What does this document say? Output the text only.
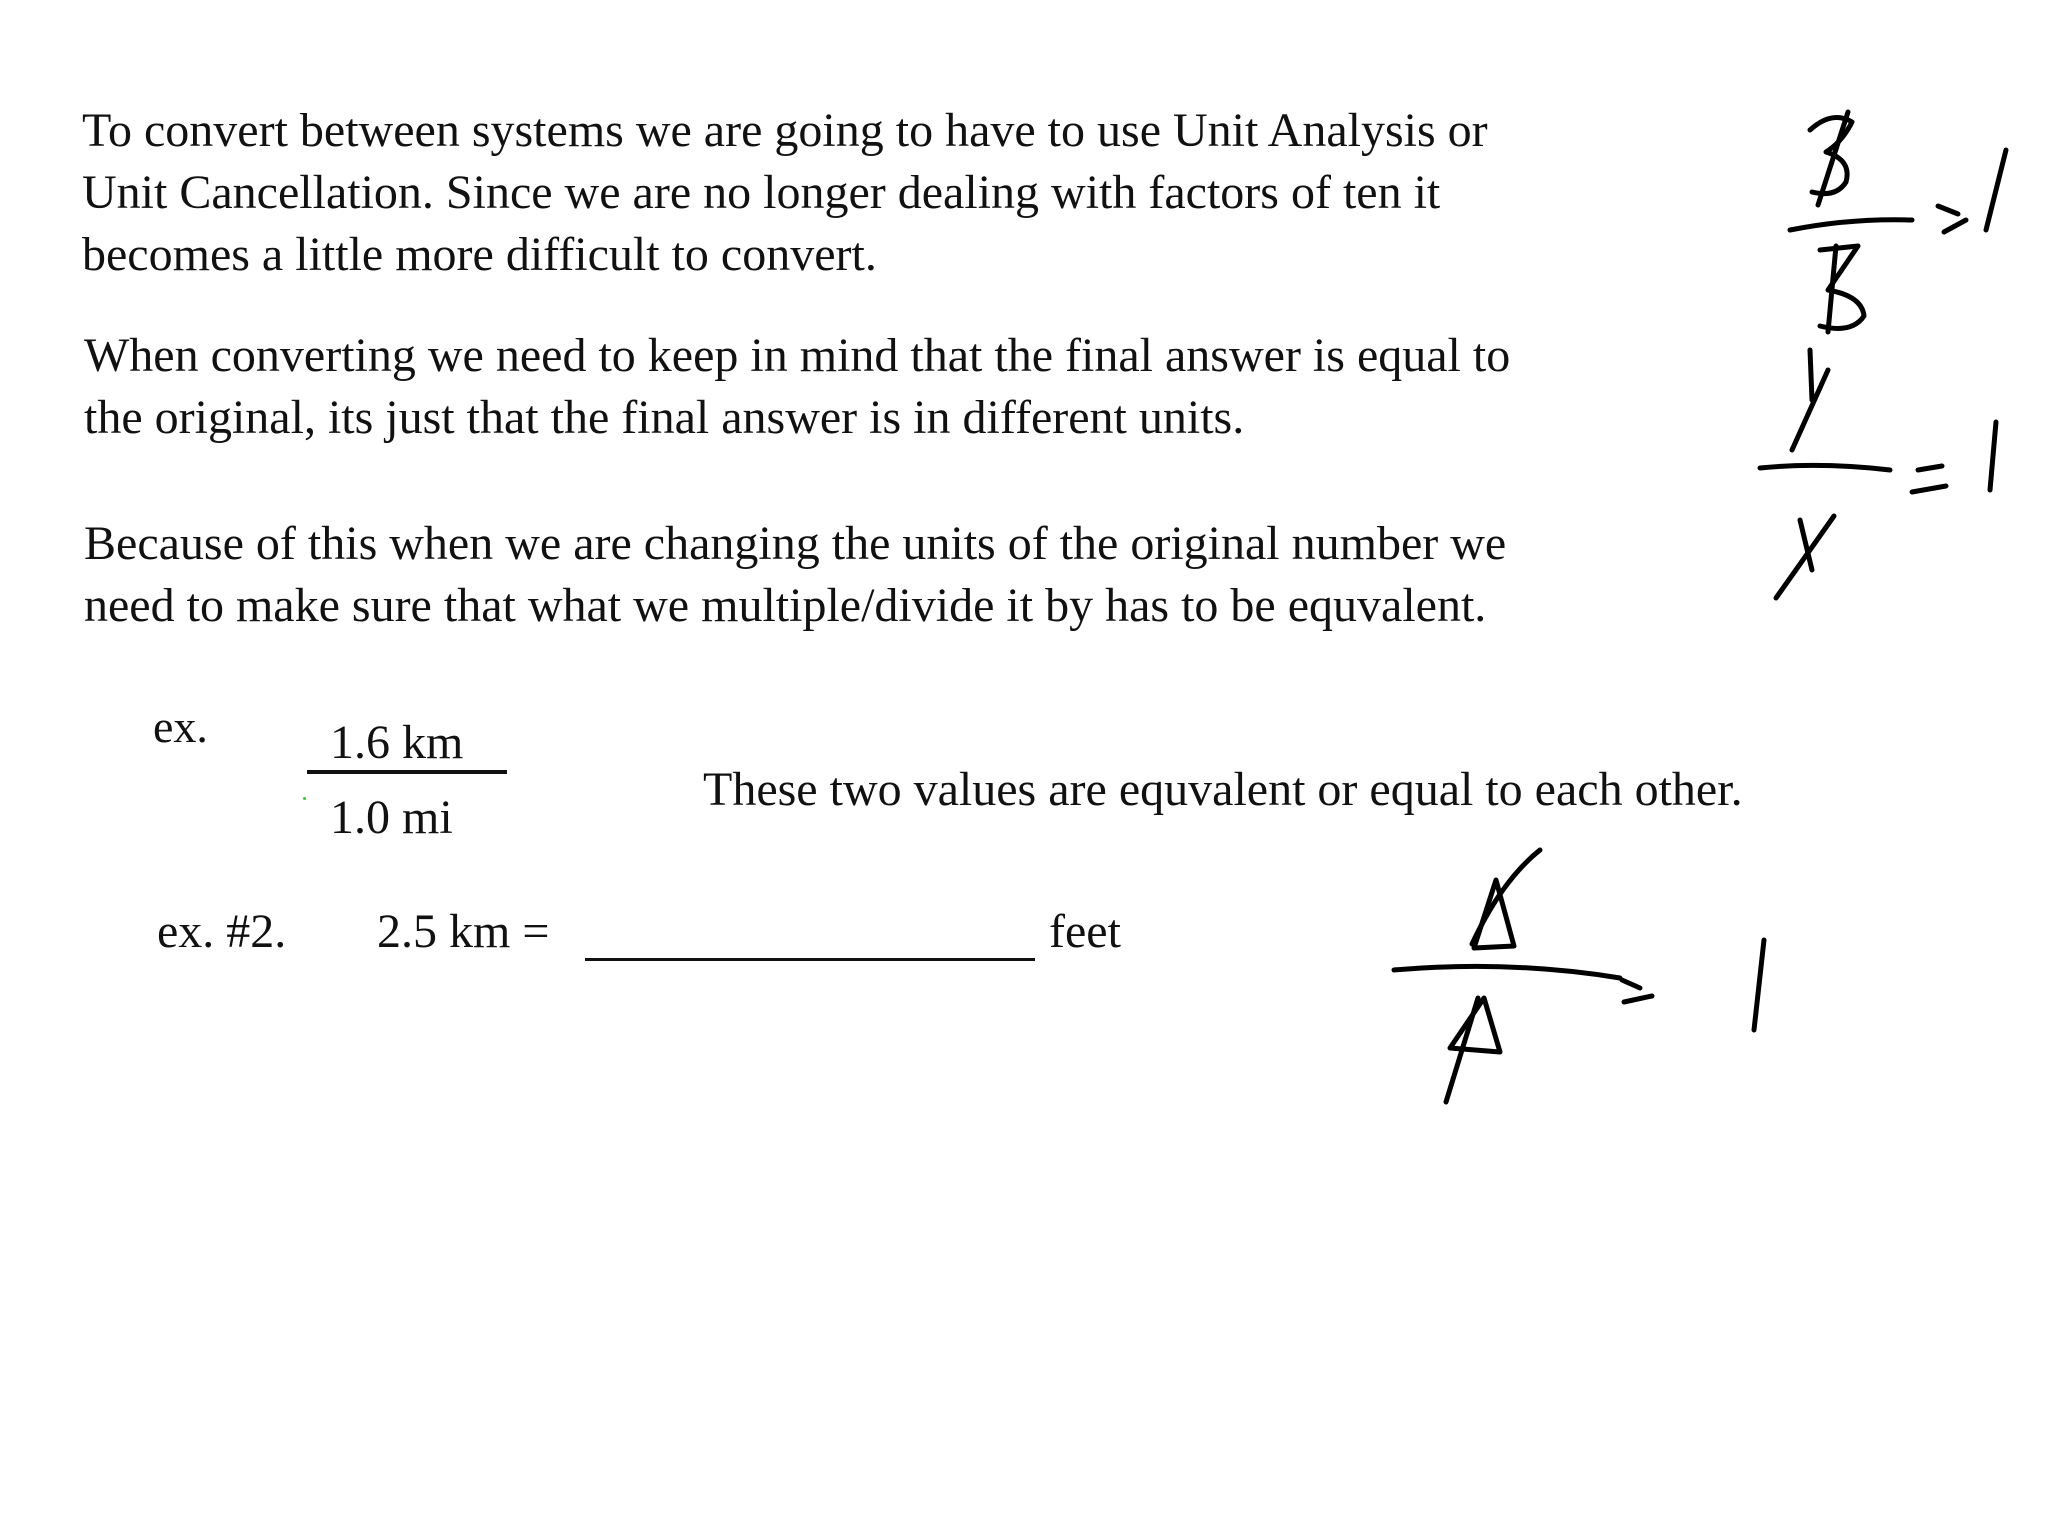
To convert between systems we are going to have to use Unit Analysis or
Unit Cancellation. Since we are no longer dealing with factors of ten it
becomes a little more difficult to convert.

When converting we need to keep in mind that the final answer is equal to
the original, its just that the final answer is in different units.

Because of this when we are changing the units of the original number we
need to make sure that what we multiple/divide it by has to be equvalent.

ex.	1.6 km
1.0 mi
These two values are equvalent or equal to each other.
ex. #2. 2.5 km =	feet
